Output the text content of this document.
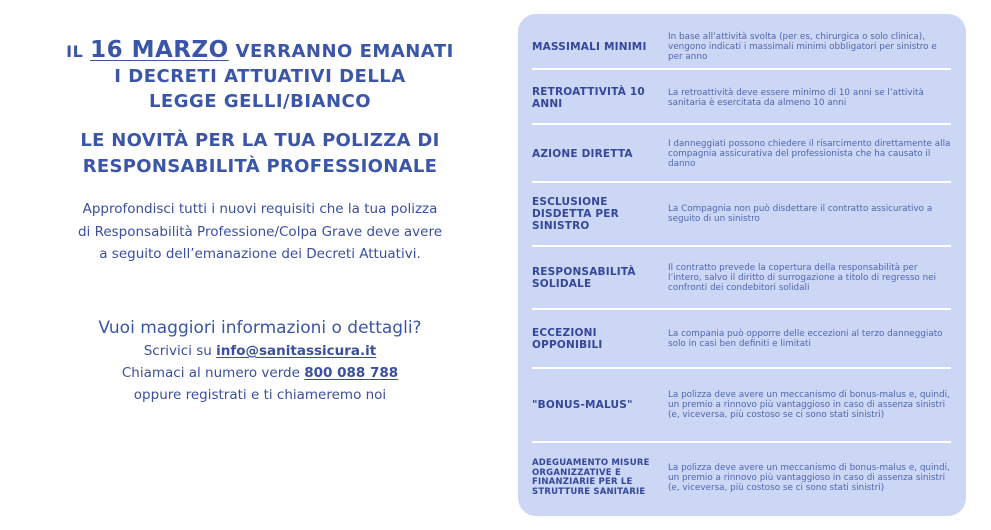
IL 16 MARZO VERRANNO EMANATI
I DECRETI ATTUATIVI DELLA
LEGGE GELLI/BIANCO
LE NOVITÀ PER LA TUA POLIZZA DI
RESPONSABILITÀ PROFESSIONALE
Approfondisci tutti i nuovi requisiti che la tua polizza
di Responsabilità Professione/Colpa Grave deve avere
a seguito dell’emanazione dei Decreti Attuativi.
Vuoi maggiori informazioni o dettagli?
Scrivici su info@sanitassicura.it
Chiamaci al numero verde 800 088 788
oppure registrati e ti chiameremo noi
MASSIMALI MINIMI
In base all’attività svolta (per es, chirurgica o solo clinica), vengono indicati i massimali minimi obbligatori per sinistro e per anno
RETROATTIVITÀ 10 ANNI
La retroattività deve essere minimo di 10 anni se l’attività sanitaria è esercitata da almeno 10 anni
AZIONE DIRETTA
I danneggiati possono chiedere il risarcimento direttamente alla compagnia assicurativa del professionista che ha causato il danno
ESCLUSIONE DISDETTA PER SINISTRO
La Compagnia non può disdettare il contratto assicurativo a seguito di un sinistro
RESPONSABILITÀ SOLIDALE
Il contratto prevede la copertura della responsabilità per l’intero, salvo il diritto di surrogazione a titolo di regresso nei confronti dei condebitori solidali
ECCEZIONI OPPONIBILI
La compania può opporre delle eccezioni al terzo danneggiato solo in casi ben definiti e limitati
"BONUS-MALUS"
La polizza deve avere un meccanismo di bonus-malus e, quindi, un premio a rinnovo più vantaggioso in caso di assenza sinistri (e, viceversa, più costoso se ci sono stati sinistri)
ADEGUAMENTO MISURE ORGANIZZATIVE E FINANZIARIE PER LE STRUTTURE SANITARIE
La polizza deve avere un meccanismo di bonus-malus e, quindi, un premio a rinnovo più vantaggioso in caso di assenza sinistri (e, viceversa, più costoso se ci sono stati sinistri)
